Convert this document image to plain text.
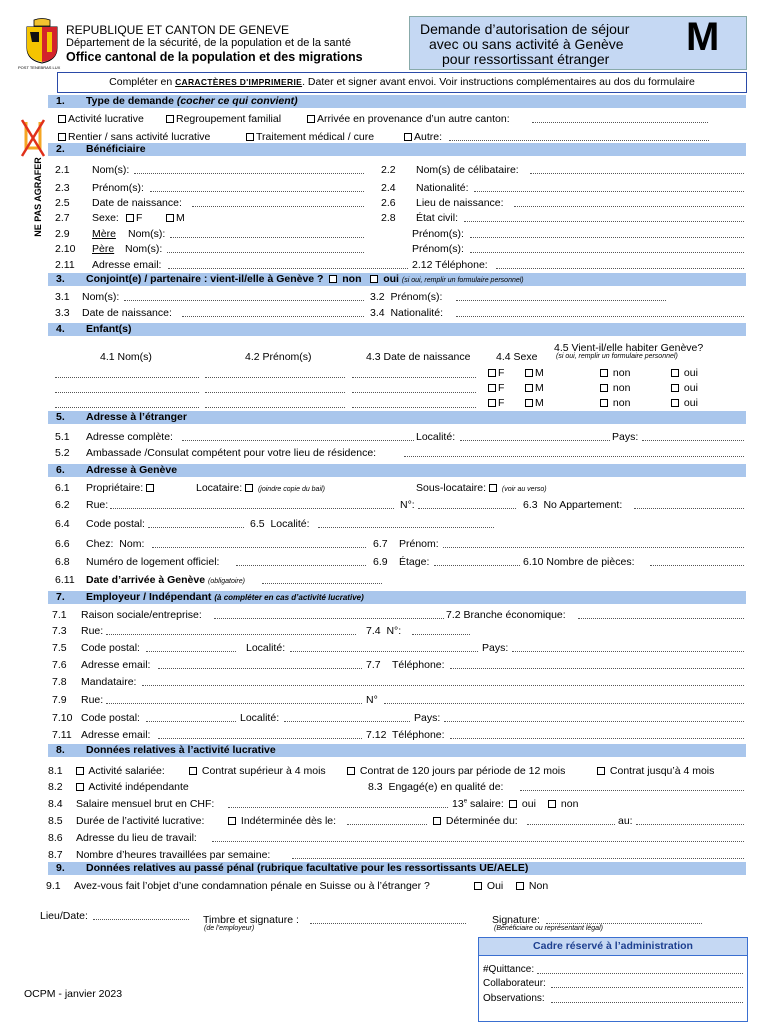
POST TENEBRAS LUX
REPUBLIQUE ET CANTON DE GENEVE
Département de la sécurité, de la population et de la santé
Office cantonal de la population et des migrations
Demande d’autorisation de séjour
avec ou sans activité à Genève
pour ressortissant étranger M
Compléter en CARACTÈRES D'IMPRIMERIE. Dater et signer avant envoi. Voir instructions complémentaires au dos du formulaire
NE PAS AGRAFER
1. Type de demande (cocher ce qui convient)
Activité lucrative	Regroupement familial	Arrivée en provenance d’un autre canton:
Rentier / sans activité lucrative	Traitement médical / cure	Autre:
2. Bénéficiaire
2.1 Nom(s):	2.2 Nom(s) de célibataire:
2.3 Prénom(s):	2.4 Nationalité:
2.5 Date de naissance:	2.6 Lieu de naissance:
2.7 Sexe:	F	M	2.8 État civil:
2.9 Mère Nom(s):	Prénom(s):
2.10 Père Nom(s):	Prénom(s):
2.11 Adresse email:	2.12 Téléphone:
3. Conjoint(e) / partenaire : vient-il/elle à Genève ? non oui (si oui, remplir un formulaire personnel)
3.1 Nom(s):	3.2 Prénom(s):
3.3 Date de naissance:	3.4 Nationalité:
4. Enfant(s)
4.1 Nom(s)	4.2 Prénom(s)	4.3 Date de naissance 4.4 Sexe
4.5 Vient-il/elle habiter Genève?
(si oui, remplir un formulaire personnel)
F	M	non	oui
F	M	non	oui
F	M	non	oui
5. Adresse à l’étranger
5.1 Adresse complète:	Localité:	Pays:
5.2 Ambassade /Consulat compétent pour votre lieu de résidence:
6. Adresse à Genève
6.1 Propriétaire:	Locataire: (joindre copie du bail)	Sous-locataire: (voir au verso)
6.2 Rue:	N°:	6.3 No Appartement:
6.4 Code postal:	6.5 Localité:
6.6 Chez: Nom:	6.7 Prénom:
6.8 Numéro de logement officiel:	6.9 Étage:	6.10 Nombre de pièces:
6.11 Date d’arrivée à Genève (obligatoire)
7. Employeur / Indépendant (à compléter en cas d’activité lucrative)
7.1 Raison sociale/entreprise:	7.2 Branche économique:
7.3 Rue:	7.4 N°:
7.5 Code postal:	Localité:	Pays:
7.6 Adresse email:	7.7 Téléphone:
7.8 Mandataire:
7.9 Rue:	N°
7.10 Code postal:	Localité:	Pays:
7.11 Adresse email:	7.12 Téléphone:
8. Données relatives à l’activité lucrative
8.1	Activité salariée:	Contrat supérieur à 4 mois	Contrat de 120 jours par période de 12 mois	Contrat jusqu’à 4 mois
8.2	Activité indépendante	8.3 Engagé(e) en qualité de:
8.4 Salaire mensuel brut en CHF:	13e salaire:	oui	non
8.5 Durée de l’activité lucrative:	Indéterminée dès le:	Déterminée du:	au:
8.6 Adresse du lieu de travail:
8.7 Nombre d’heures travaillées par semaine:
9. Données relatives au passé pénal (rubrique facultative pour les ressortissants UE/AELE)
9.1 Avez-vous fait l’objet d’une condamnation pénale en Suisse ou à l’étranger ?	Oui	Non
Lieu/Date:	Timbre et signature :
(de l’employeur)
Signature:
(Bénéficiaire ou représentant légal)
Cadre réservé à l’administration
#Quittance:
Collaborateur:
Observations:
OCPM - janvier 2023
